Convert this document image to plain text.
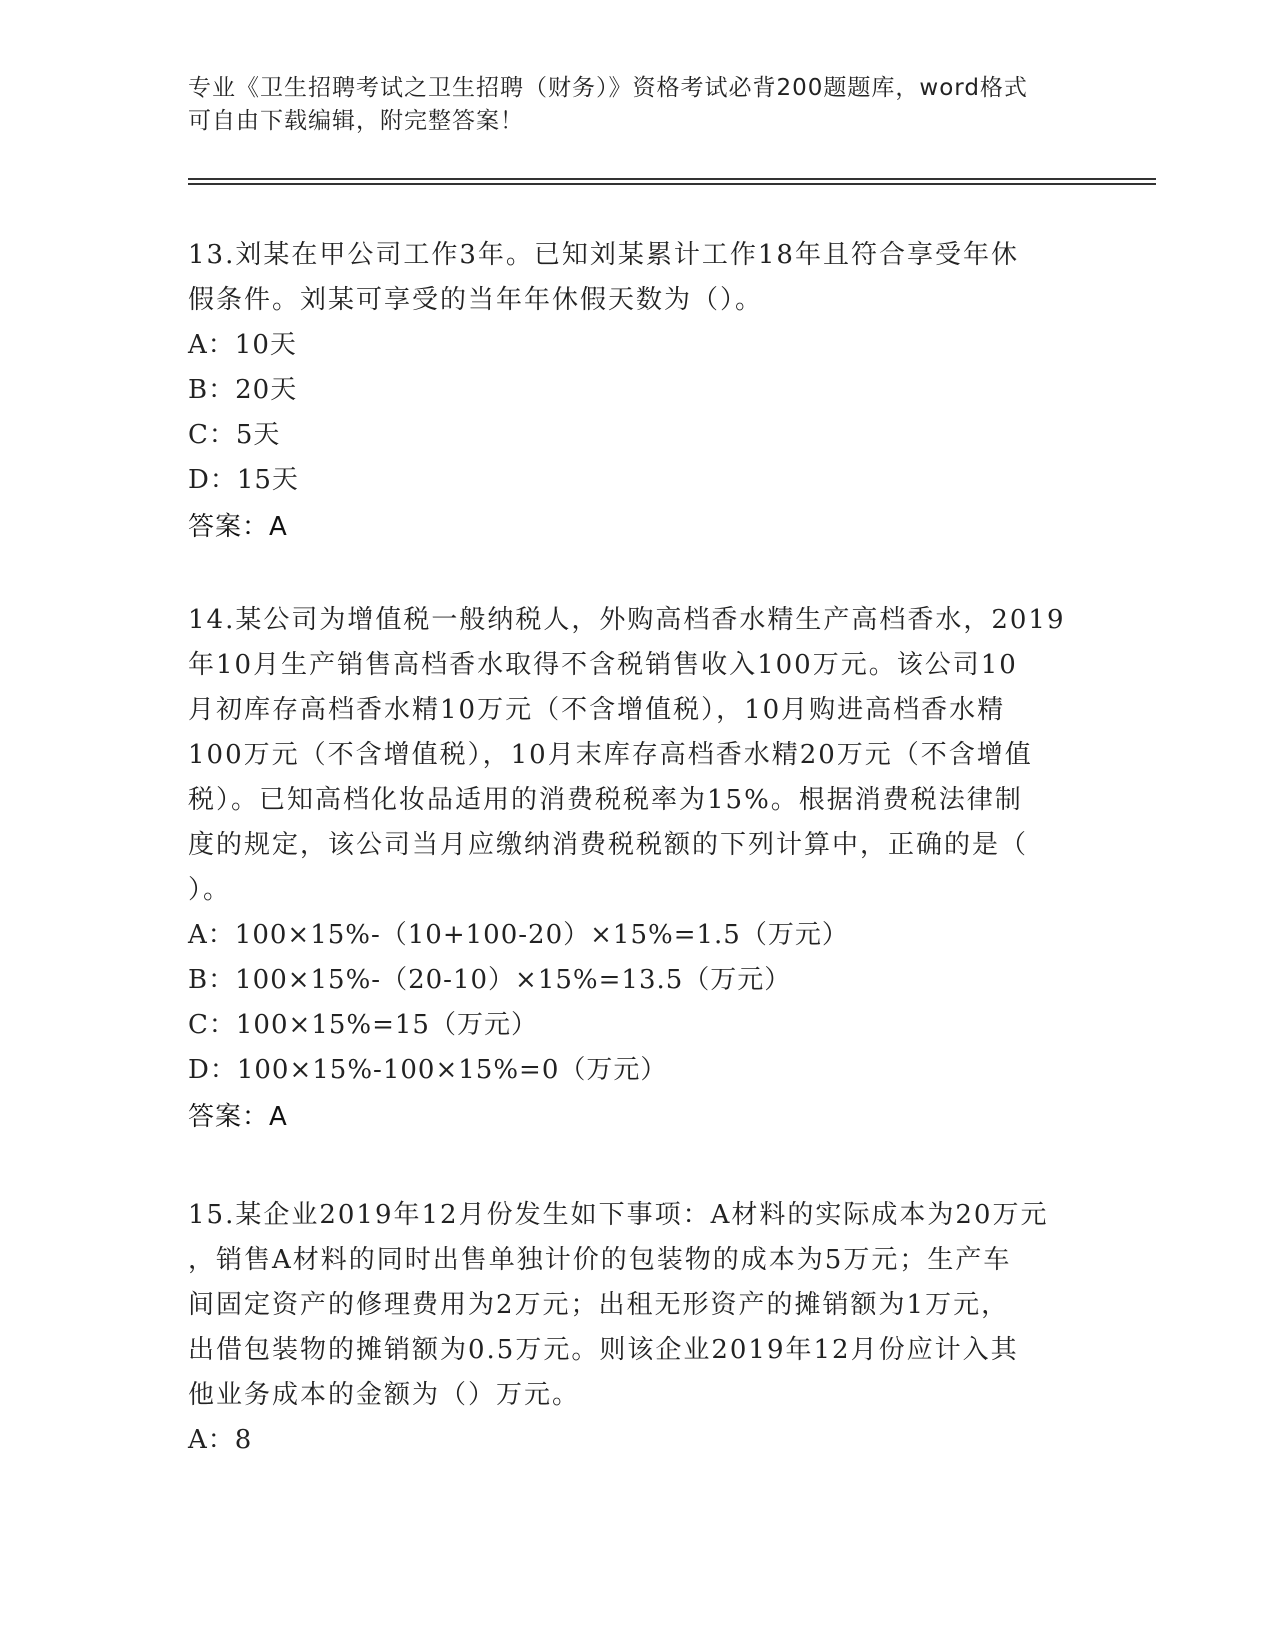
专业《卫生招聘考试之卫生招聘（财务）》资格考试必背200题题库，word格式
可自由下载编辑，附完整答案！
13.刘某在甲公司工作3年。已知刘某累计工作18年且符合享受年休
假条件。刘某可享受的当年年休假天数为（）。
A：10天
B：20天
C：5天
D：15天
答案：A
14.某公司为增值税一般纳税人，外购高档香水精生产高档香水，2019
年10月生产销售高档香水取得不含税销售收入100万元。该公司10
月初库存高档香水精10万元（不含增值税），10月购进高档香水精
100万元（不含增值税），10月末库存高档香水精20万元（不含增值
税）。已知高档化妆品适用的消费税税率为15%。根据消费税法律制
度的规定，该公司当月应缴纳消费税税额的下列计算中，正确的是（
）。
A：100×15%-（10+100-20）×15%=1.5（万元）
B：100×15%-（20-10）×15%=13.5（万元）
C：100×15%=15（万元）
D：100×15%-100×15%=0（万元）
答案：A
15.某企业2019年12月份发生如下事项：A材料的实际成本为20万元
，销售A材料的同时出售单独计价的包装物的成本为5万元；生产车
间固定资产的修理费用为2万元；出租无形资产的摊销额为1万元，
出借包装物的摊销额为0.5万元。则该企业2019年12月份应计入其
他业务成本的金额为（）万元。
A：8
